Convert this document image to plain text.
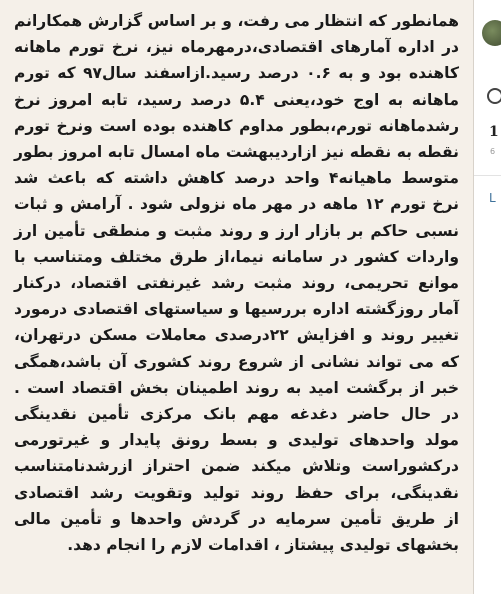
همانطور که انتظار می رفت، و بر اساس گزارش همکارانم
در اداره آمارهای اقتصادی،درمهرماه نیز، نرخ تورم ماهانه
کاهنده بود و به ۰.۶ درصد رسید.ازاسفند سال۹۷ که تورم
ماهانه به اوج خود،یعنی ۵.۴ درصد رسید، تابه امروز نرخ
رشدماهانه تورم،بطور مداوم کاهنده بوده است ونرخ تورم
نقطه به نقطه نیز ازاردیبهشت ماه امسال تابه امروز بطور
متوسط ماهیانه۴ واحد درصد کاهش داشته که باعث شد
نرخ تورم ۱۲ ماهه در مهر ماه نزولی شود . آرامش و ثبات
نسبی حاکم بر بازار ارز و روند مثبت و منطقی تأمین ارز
واردات کشور در سامانه نیما،از طرق مختلف ومتناسب با
موانع تحریمی، روند مثبت رشد غیرنفتی اقتصاد، درکنار
آمار روزگشته اداره بررسیها و سیاستهای اقتصادی درمورد
تغییر روند و افزایش ۲۲درصدی معاملات مسکن درتهران،
که می تواند نشانی از شروع روند کشوری آن باشد،همگی
خبر از برگشت امید به روند اطمینان بخش اقتصاد است .
در حال حاضر دغدغه مهم بانک مرکزی تأمین نقدینگی
مولد واحدهای تولیدی و بسط رونق پایدار و غیرتورمی
درکشوراست وتلاش میکند ضمن احتراز ازرشدنامتناسب
نقدینگی، برای حفظ روند تولید وتقویت رشد اقتصادی
از طریق تأمین سرمایه در گردش واحدها و تأمین مالی
بخشهای تولیدی پیشتاز ، اقدامات لازم را انجام دهد.
1
6
L
